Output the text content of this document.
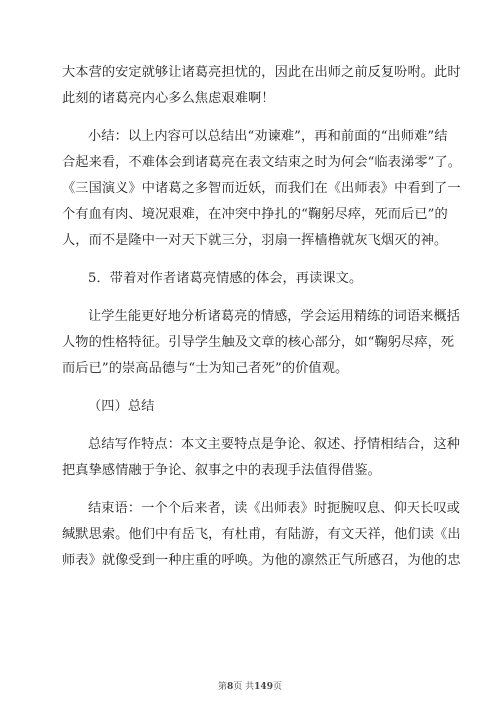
大本营的安定就够让诸葛亮担忧的，因此在出师之前反复吩咐。此时
此刻的诸葛亮内心多么焦虑艰难啊！
小结：以上内容可以总结出“劝谏难”，再和前面的“出师难”结
合起来看，不难体会到诸葛亮在表文结束之时为何会“临表涕零”了。
《三国演义》中诸葛之多智而近妖，而我们在《出师表》中看到了一
个有血有肉、境况艰难，在冲突中挣扎的“鞠躬尽瘁，死而后已”的
人，而不是隆中一对天下就三分，羽扇一挥樯橹就灰飞烟灭的神。
5．带着对作者诸葛亮情感的体会，再读课文。
让学生能更好地分析诸葛亮的情感，学会运用精练的词语来概括
人物的性格特征。引导学生触及文章的核心部分，如“鞠躬尽瘁，死
而后已”的崇高品德与“士为知己者死”的价值观。
（四）总结
总结写作特点：本文主要特点是争论、叙述、抒情相结合，这种
把真挚感情融于争论、叙事之中的表现手法值得借鉴。
结束语：一个个后来者，读《出师表》时扼腕叹息、仰天长叹或
缄默思索。他们中有岳飞，有杜甫，有陆游，有文天祥，他们读《出
师表》就像受到一种庄重的呼唤。为他的凛然正气所感召，为他的忠
第8页 共149页
